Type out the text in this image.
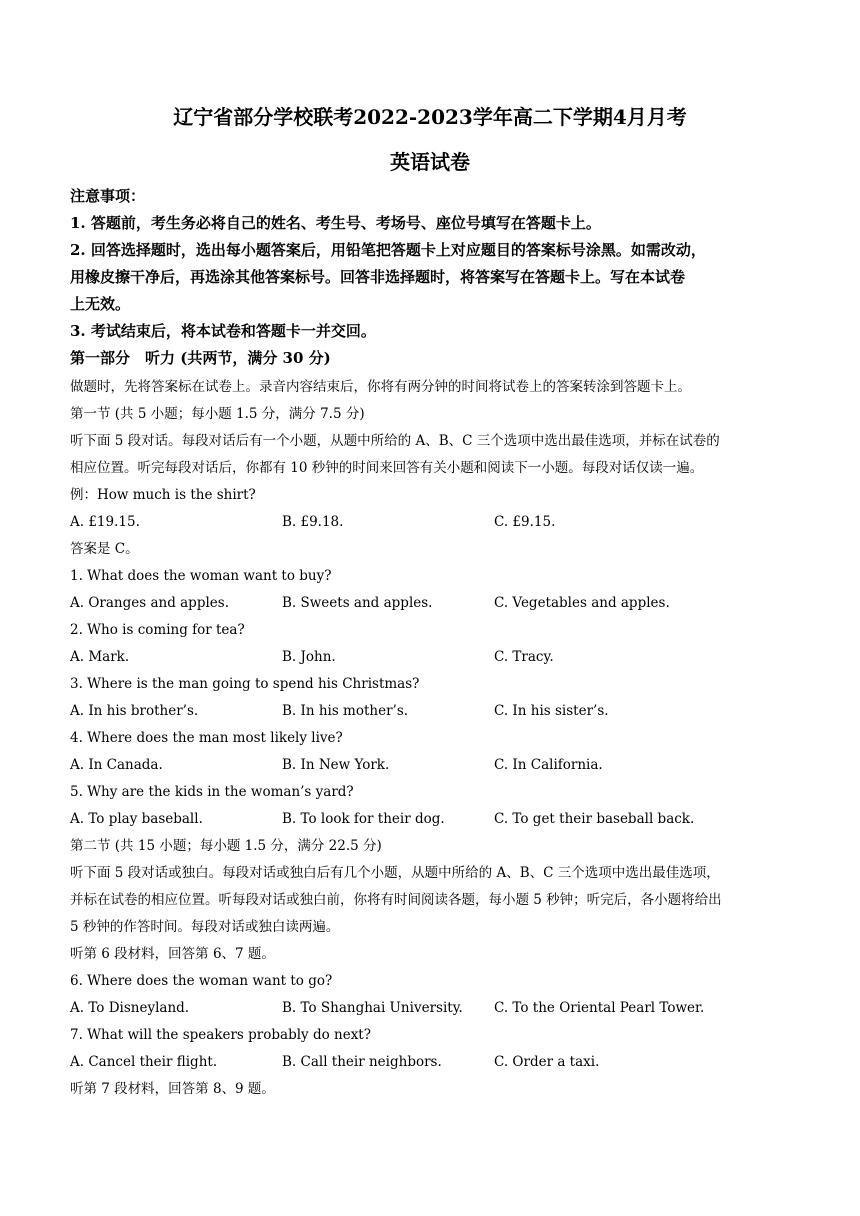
辽宁省部分学校联考2022-2023学年高二下学期4月月考
英语试卷
注意事项：
1. 答题前，考生务必将自己的姓名、考生号、考场号、座位号填写在答题卡上。
2. 回答选择题时，选出每小题答案后，用铅笔把答题卡上对应题目的答案标号涂黑。如需改动，
用橡皮擦干净后，再选涂其他答案标号。回答非选择题时，将答案写在答题卡上。写在本试卷
上无效。
3. 考试结束后，将本试卷和答题卡一并交回。
第一部分　听力 (共两节，满分 30 分)
做题时，先将答案标在试卷上。录音内容结束后，你将有两分钟的时间将试卷上的答案转涂到答题卡上。
第一节 (共 5 小题；每小题 1.5 分，满分 7.5 分)
听下面 5 段对话。每段对话后有一个小题，从题中所给的 A、B、C 三个选项中选出最佳选项，并标在试卷的
相应位置。听完每段对话后，你都有 10 秒钟的时间来回答有关小题和阅读下一小题。每段对话仅读一遍。
例：How much is the shirt?
A. £19.15.	B. £9.18.	C. £9.15.
答案是 C。
1. What does the woman want to buy?
A. Oranges and apples.	B. Sweets and apples.	C. Vegetables and apples.
2. Who is coming for tea?
A. Mark.	B. John.	C. Tracy.
3. Where is the man going to spend his Christmas?
A. In his brother’s.	B. In his mother’s.	C. In his sister’s.
4. Where does the man most likely live?
A. In Canada.	B. In New York.	C. In California.
5. Why are the kids in the woman’s yard?
A. To play baseball.	B. To look for their dog.	C. To get their baseball back.
第二节 (共 15 小题；每小题 1.5 分，满分 22.5 分)
听下面 5 段对话或独白。每段对话或独白后有几个小题，从题中所给的 A、B、C 三个选项中选出最佳选项，
并标在试卷的相应位置。听每段对话或独白前，你将有时间阅读各题，每小题 5 秒钟；听完后，各小题将给出
5 秒钟的作答时间。每段对话或独白读两遍。
听第 6 段材料，回答第 6、7 题。
6. Where does the woman want to go?
A. To Disneyland.	B. To Shanghai University. C. To the Oriental Pearl Tower.
7. What will the speakers probably do next?
A. Cancel their flight.	B. Call their neighbors.	C. Order a taxi.
听第 7 段材料，回答第 8、9 题。
